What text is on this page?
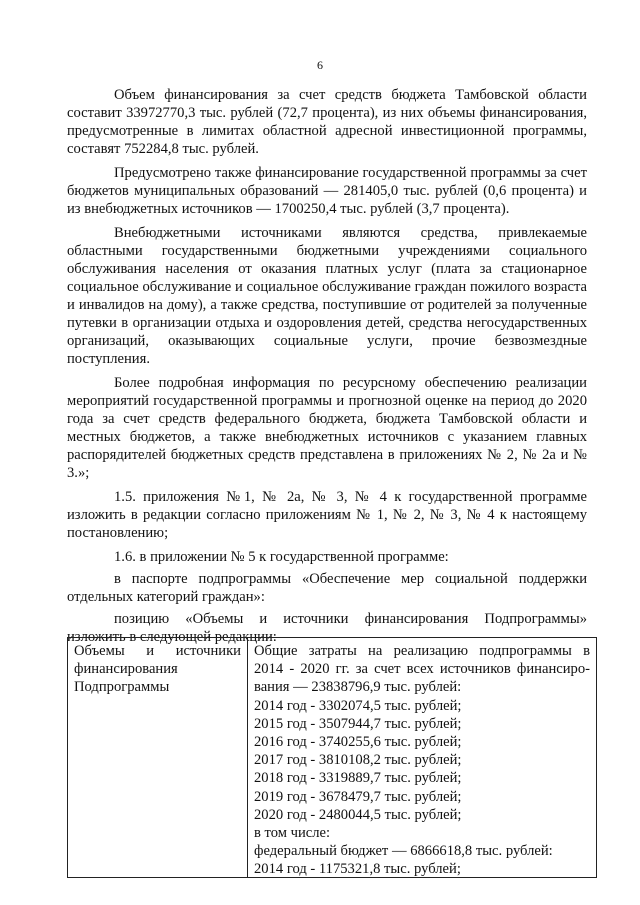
6

Объем финансирования за счет средств бюджета Тамбовской области составит 33972770,3 тыс. рублей (72,7 процента), из них объемы финансирования, предусмотренные в лимитах областной адресной инвестиционной программы, составят 752284,8 тыс. рублей.

Предусмотрено также финансирование государственной программы за счет бюджетов муниципальных образований — 281405,0 тыс. рублей (0,6 процента) и из внебюджетных источников — 1700250,4 тыс. рублей (3,7 процента).

Внебюджетными источниками являются средства, привлекаемые областными государственными бюджетными учреждениями социального обслуживания населения от оказания платных услуг (плата за стационарное социальное обслуживание и социальное обслуживание граждан пожилого возраста и инвалидов на дому), а также средства, поступившие от родителей за полученные путевки в организации отдыха и оздоровления детей, средства негосударственных организаций, оказывающих социальные услуги, прочие безвозмездные поступления.

Более подробная информация по ресурсному обеспечению реализации мероприятий государственной программы и прогнозной оценке на период до 2020 года за счет средств федерального бюджета, бюджета Тамбовской области и местных бюджетов, а также внебюджетных источников с указанием главных распорядителей бюджетных средств представлена в приложениях № 2, № 2а и № 3.»;

1.5. приложения №1, № 2а, № 3, № 4 к государственной программе изложить в редакции согласно приложениям № 1, № 2, № 3, № 4 к настоящему постановлению;

1.6. в приложении № 5 к государственной программе:

в паспорте подпрограммы «Обеспечение мер социальной поддержки отдельных категорий граждан»:

позицию «Объемы и источники финансирования Подпрограммы» изложить в следующей редакции:

Объемы и источники
финансирования
Подпрограммы
Общие затраты на реализацию подпрограммы в
2014 - 2020 гг. за счет всех источников финансиро-
вания — 23838796,9 тыс. рублей:
2014 год - 3302074,5 тыс. рублей;
2015 год - 3507944,7 тыс. рублей;
2016 год - 3740255,6 тыс. рублей;
2017 год - 3810108,2 тыс. рублей;
2018 год - 3319889,7 тыс. рублей;
2019 год - 3678479,7 тыс. рублей;
2020 год - 2480044,5 тыс. рублей;
в том числе:
федеральный бюджет — 6866618,8 тыс. рублей:
2014 год - 1175321,8 тыс. рублей;
